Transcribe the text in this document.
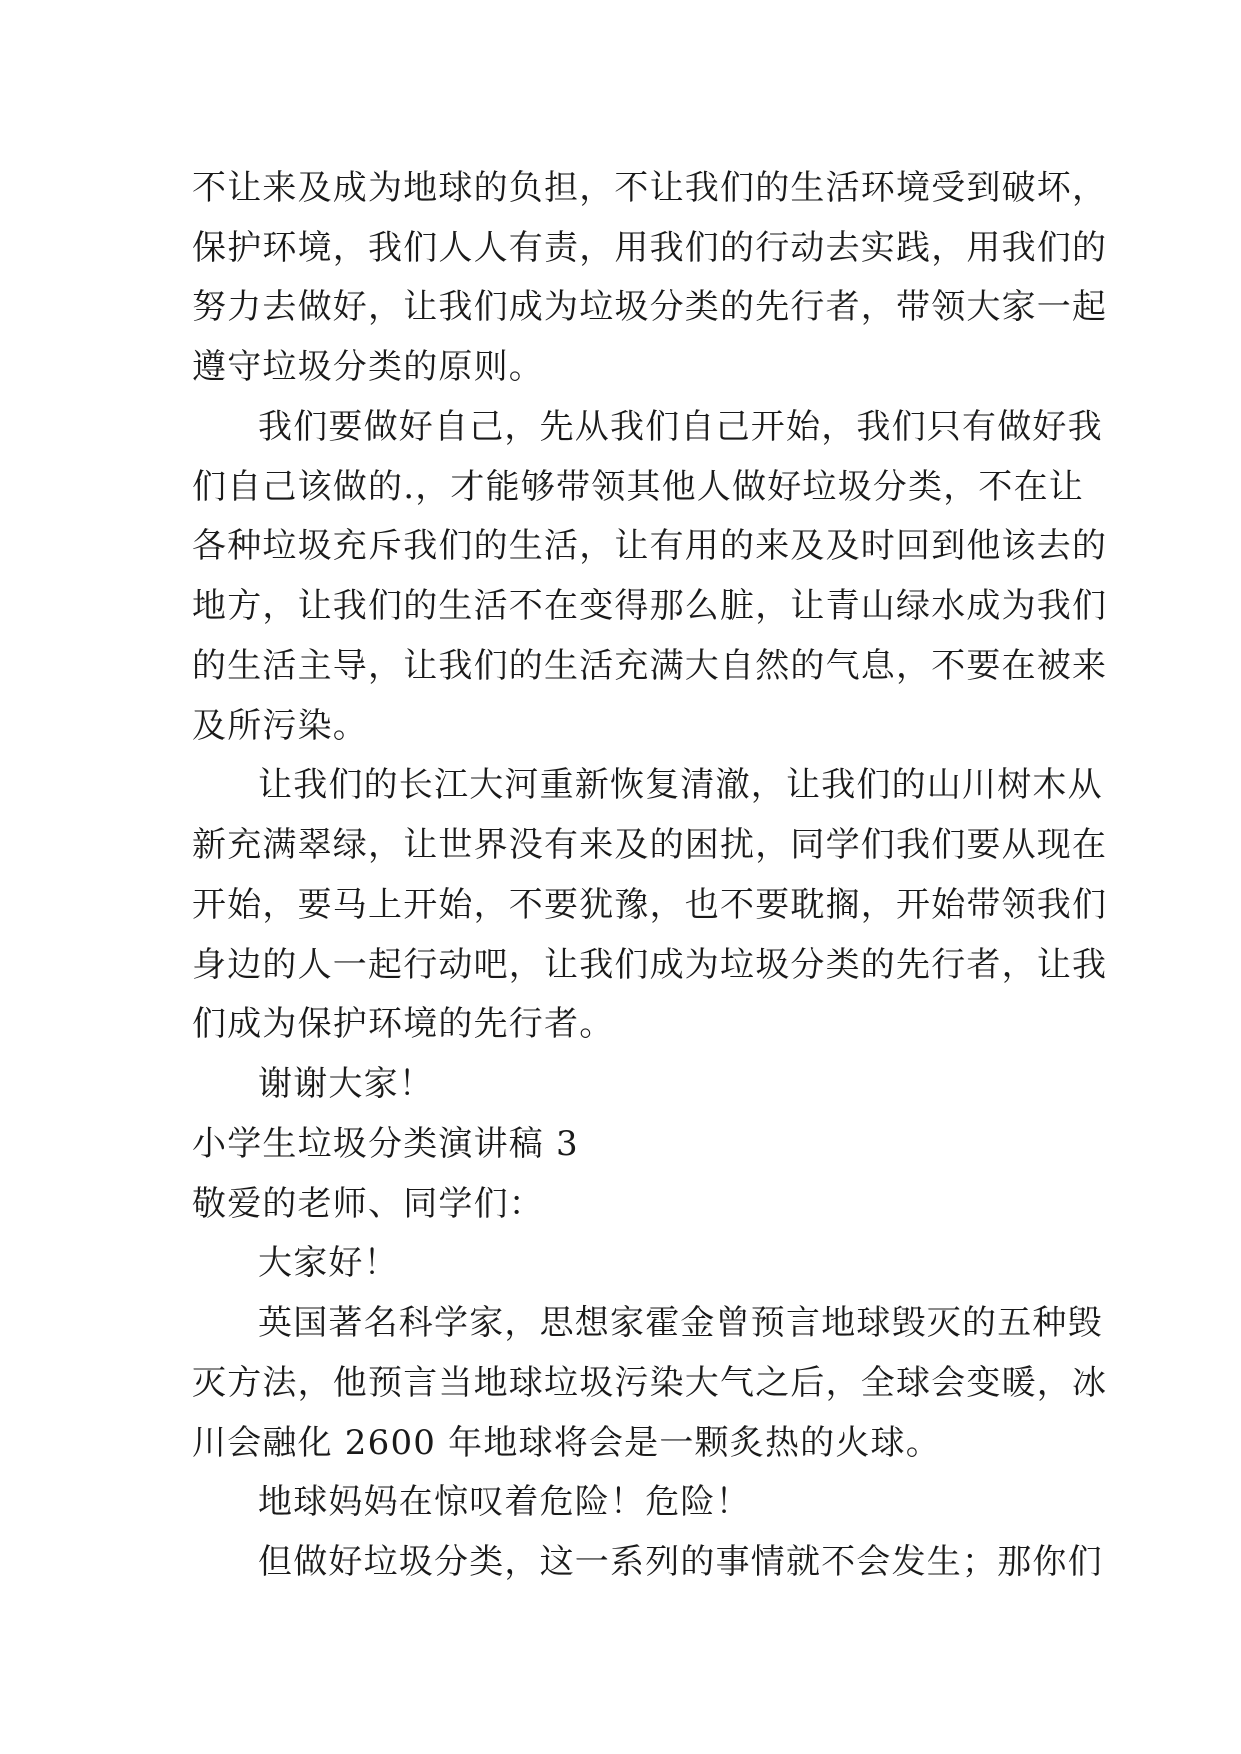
不让来及成为地球的负担，不让我们的生活环境受到破坏，
保护环境，我们人人有责，用我们的行动去实践，用我们的
努力去做好，让我们成为垃圾分类的先行者，带领大家一起
遵守垃圾分类的原则。
我们要做好自己，先从我们自己开始，我们只有做好我
们自己该做的.，才能够带领其他人做好垃圾分类，不在让
各种垃圾充斥我们的生活，让有用的来及及时回到他该去的
地方，让我们的生活不在变得那么脏，让青山绿水成为我们
的生活主导，让我们的生活充满大自然的气息，不要在被来
及所污染。
让我们的长江大河重新恢复清澈，让我们的山川树木从
新充满翠绿，让世界没有来及的困扰，同学们我们要从现在
开始，要马上开始，不要犹豫，也不要耽搁，开始带领我们
身边的人一起行动吧，让我们成为垃圾分类的先行者，让我
们成为保护环境的先行者。
谢谢大家！
小学生垃圾分类演讲稿 3
敬爱的老师、同学们：
大家好！
英国著名科学家，思想家霍金曾预言地球毁灭的五种毁
灭方法，他预言当地球垃圾污染大气之后，全球会变暖，冰
川会融化 2600 年地球将会是一颗炙热的火球。
地球妈妈在惊叹着危险！危险！
但做好垃圾分类，这一系列的事情就不会发生；那你们
